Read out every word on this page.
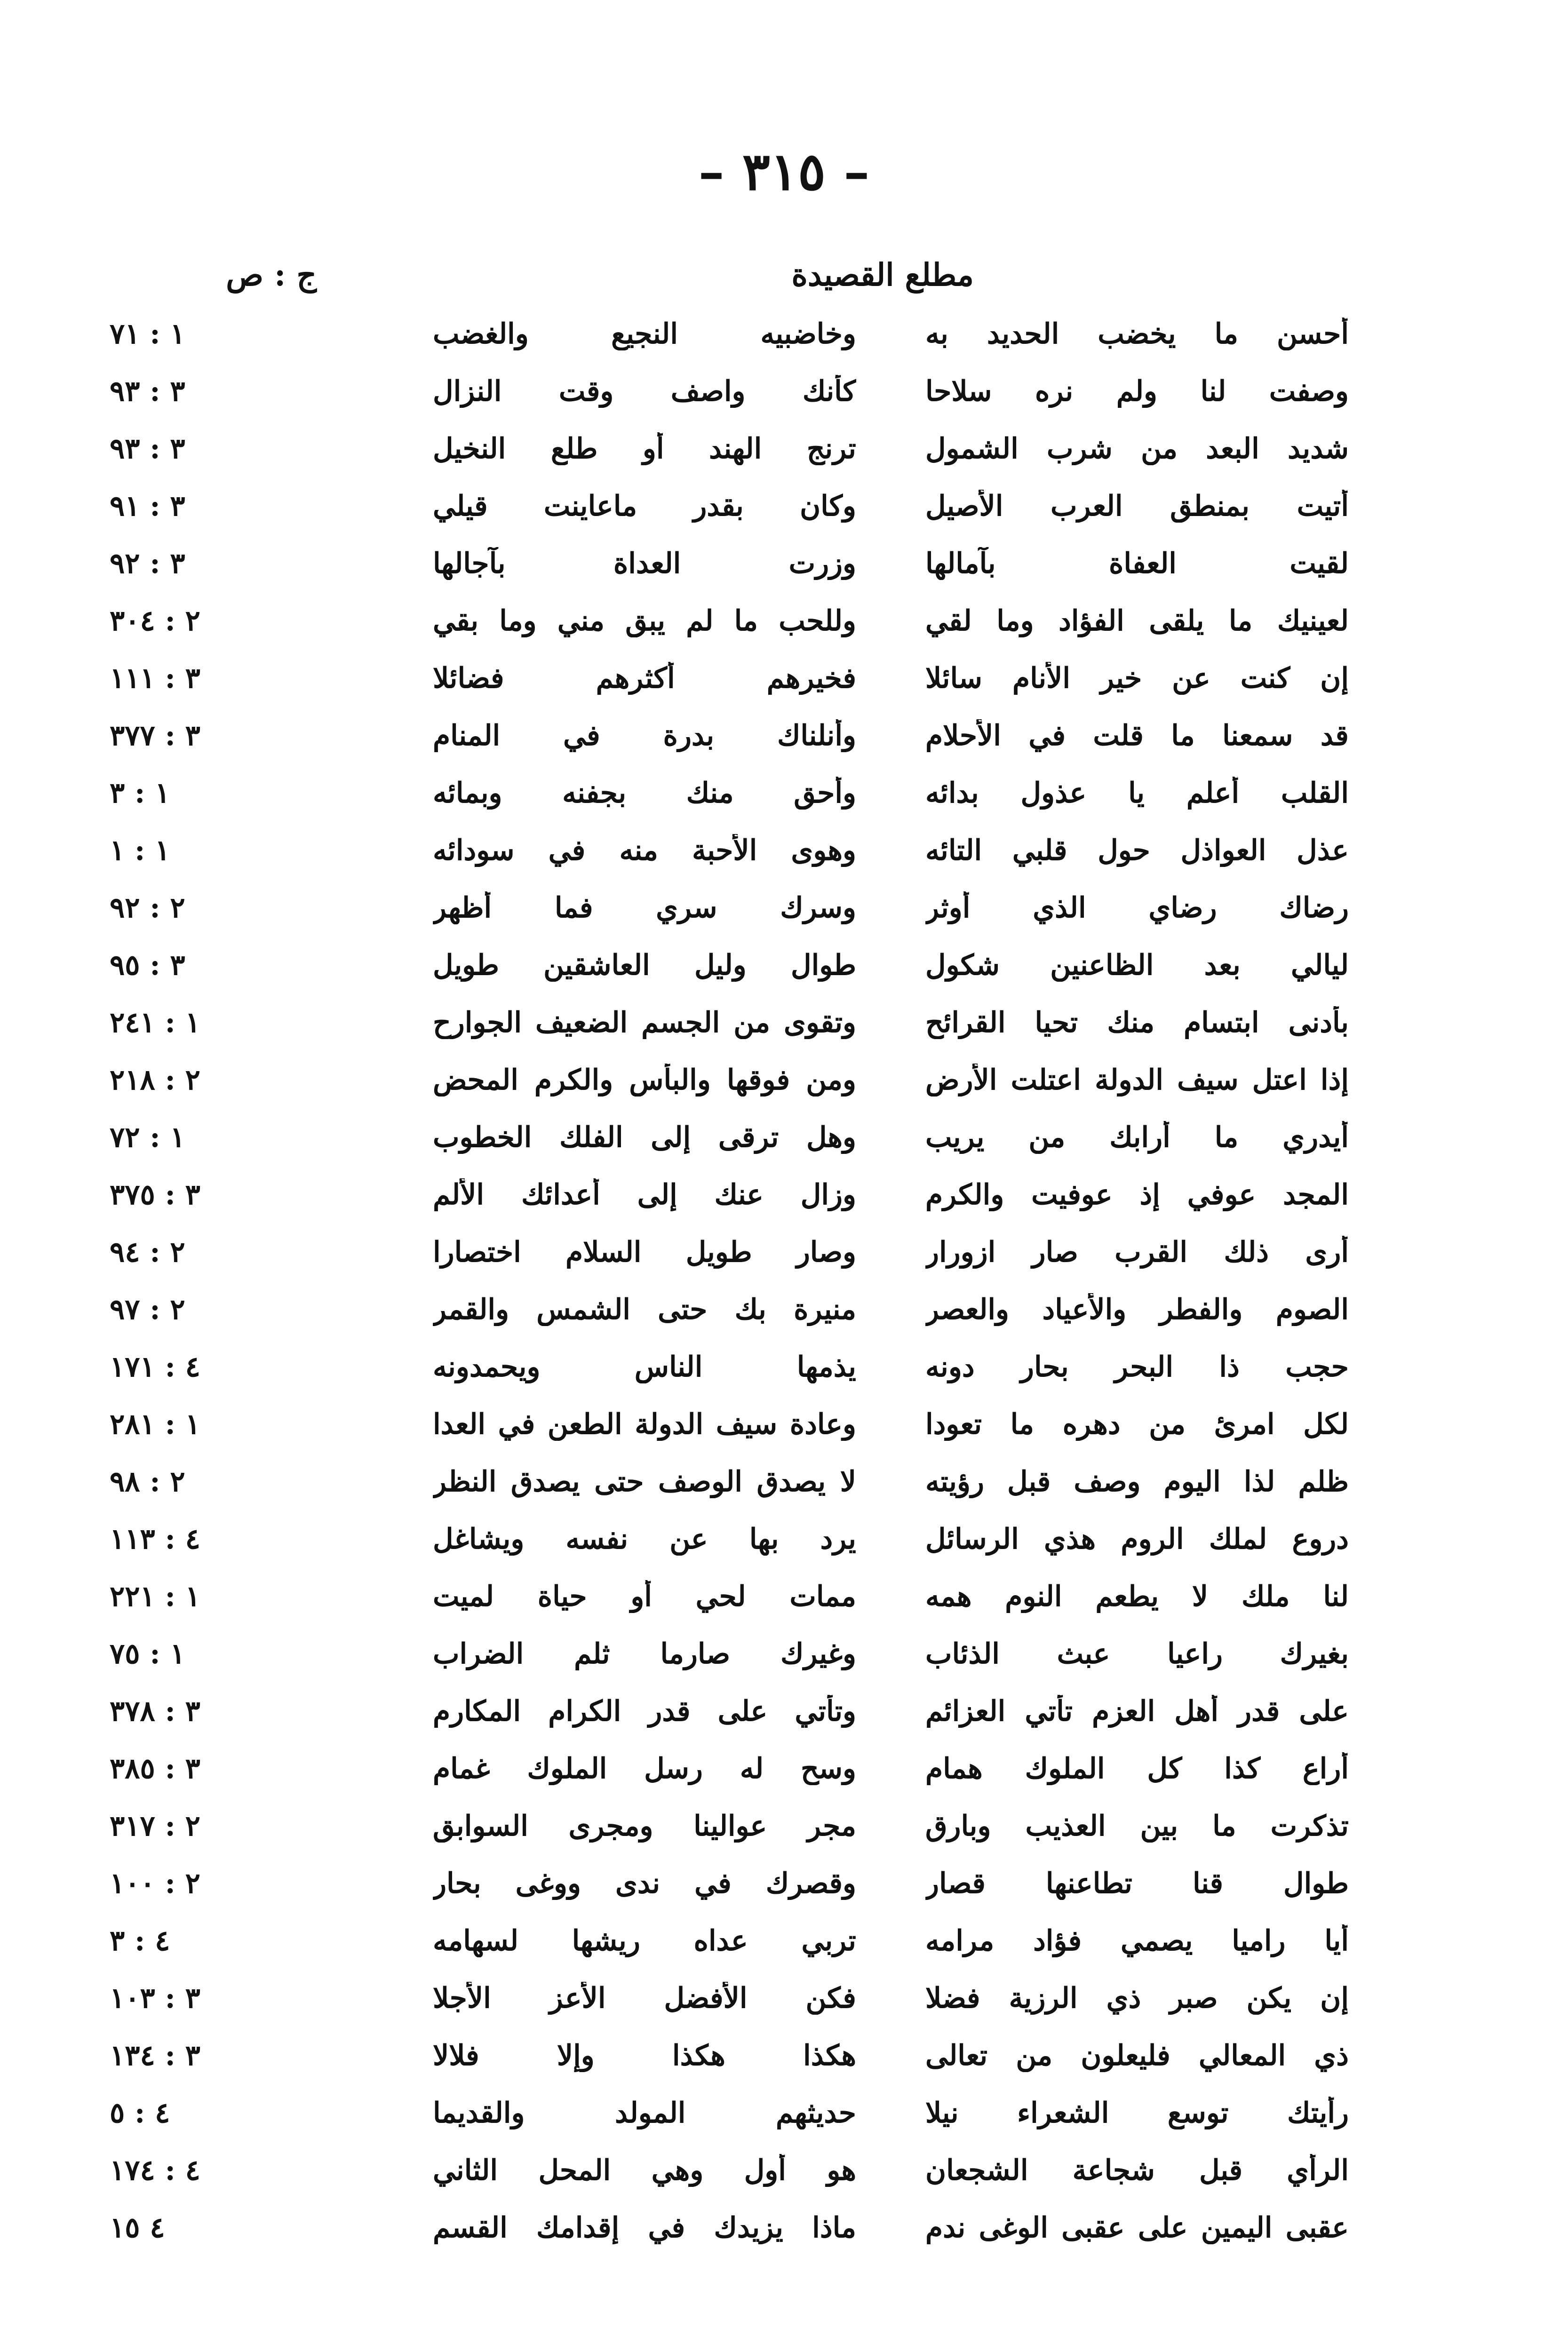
– ٣١٥ –
مطلع القصيدة
ج : ص
أحسن ما يخضب الحديد به
وخاضبيه النجيع والغضب
١ : ٧١
وصفت لنا ولم نره سلاحا
كأنك واصف وقت النزال
٣ : ٩٣
شديد البعد من شرب الشمول
ترنج الهند أو طلع النخيل
٣ : ٩٣
أتيت بمنطق العرب الأصيل
وكان بقدر ماعاينت قيلي
٣ : ٩١
لقيت العفاة بآمالها
وزرت العداة بآجالها
٣ : ٩٢
لعينيك ما يلقى الفؤاد وما لقي
وللحب ما لم يبق مني وما بقي
٢ : ٣٠٤
إن كنت عن خير الأنام سائلا
فخيرهم أكثرهم فضائلا
٣ : ١١١
قد سمعنا ما قلت في الأحلام
وأنلناك بدرة في المنام
٣ : ٣٧٧
القلب أعلم يا عذول بدائه
وأحق منك بجفنه وبمائه
١ : ٣
عذل العواذل حول قلبي التائه
وهوى الأحبة منه في سودائه
١ : ١
رضاك رضاي الذي أوثر
وسرك سري فما أظهر
٢ : ٩٢
ليالي بعد الظاعنين شكول
طوال وليل العاشقين طويل
٣ : ٩٥
بأدنى ابتسام منك تحيا القرائح
وتقوى من الجسم الضعيف الجوارح
١ : ٢٤١
إذا اعتل سيف الدولة اعتلت الأرض
ومن فوقها والبأس والكرم المحض
٢ : ٢١٨
أيدري ما أرابك من يريب
وهل ترقى إلى الفلك الخطوب
١ : ٧٢
المجد عوفي إذ عوفيت والكرم
وزال عنك إلى أعدائك الألم
٣ : ٣٧٥
أرى ذلك القرب صار ازورار
وصار طويل السلام اختصارا
٢ : ٩٤
الصوم والفطر والأعياد والعصر
منيرة بك حتى الشمس والقمر
٢ : ٩٧
حجب ذا البحر بحار دونه
يذمها الناس ويحمدونه
٤ : ١٧١
لكل امرئ من دهره ما تعودا
وعادة سيف الدولة الطعن في العدا
١ : ٢٨١
ظلم لذا اليوم وصف قبل رؤيته
لا يصدق الوصف حتى يصدق النظر
٢ : ٩٨
دروع لملك الروم هذي الرسائل
يرد بها عن نفسه ويشاغل
٤ : ١١٣
لنا ملك لا يطعم النوم همه
ممات لحي أو حياة لميت
١ : ٢٢١
بغيرك راعيا عبث الذئاب
وغيرك صارما ثلم الضراب
١ : ٧٥
على قدر أهل العزم تأتي العزائم
وتأتي على قدر الكرام المكارم
٣ : ٣٧٨
أراع كذا كل الملوك همام
وسح له رسل الملوك غمام
٣ : ٣٨٥
تذكرت ما بين العذيب وبارق
مجر عوالينا ومجرى السوابق
٢ : ٣١٧
طوال قنا تطاعنها قصار
وقصرك في ندى ووغى بحار
٢ : ١٠٠
أيا راميا يصمي فؤاد مرامه
تربي عداه ريشها لسهامه
٤ : ٣
إن يكن صبر ذي الرزية فضلا
فكن الأفضل الأعز الأجلا
٣ : ١٠٣
ذي المعالي فليعلون من تعالى
هكذا هكذا وإلا فلالا
٣ : ١٣٤
رأيتك توسع الشعراء نيلا
حديثهم المولد والقديما
٤ : ٥
الرأي قبل شجاعة الشجعان
هو أول وهي المحل الثاني
٤ : ١٧٤
عقبى اليمين على عقبى الوغى ندم
ماذا يزيدك في إقدامك القسم
٤ ١٥
